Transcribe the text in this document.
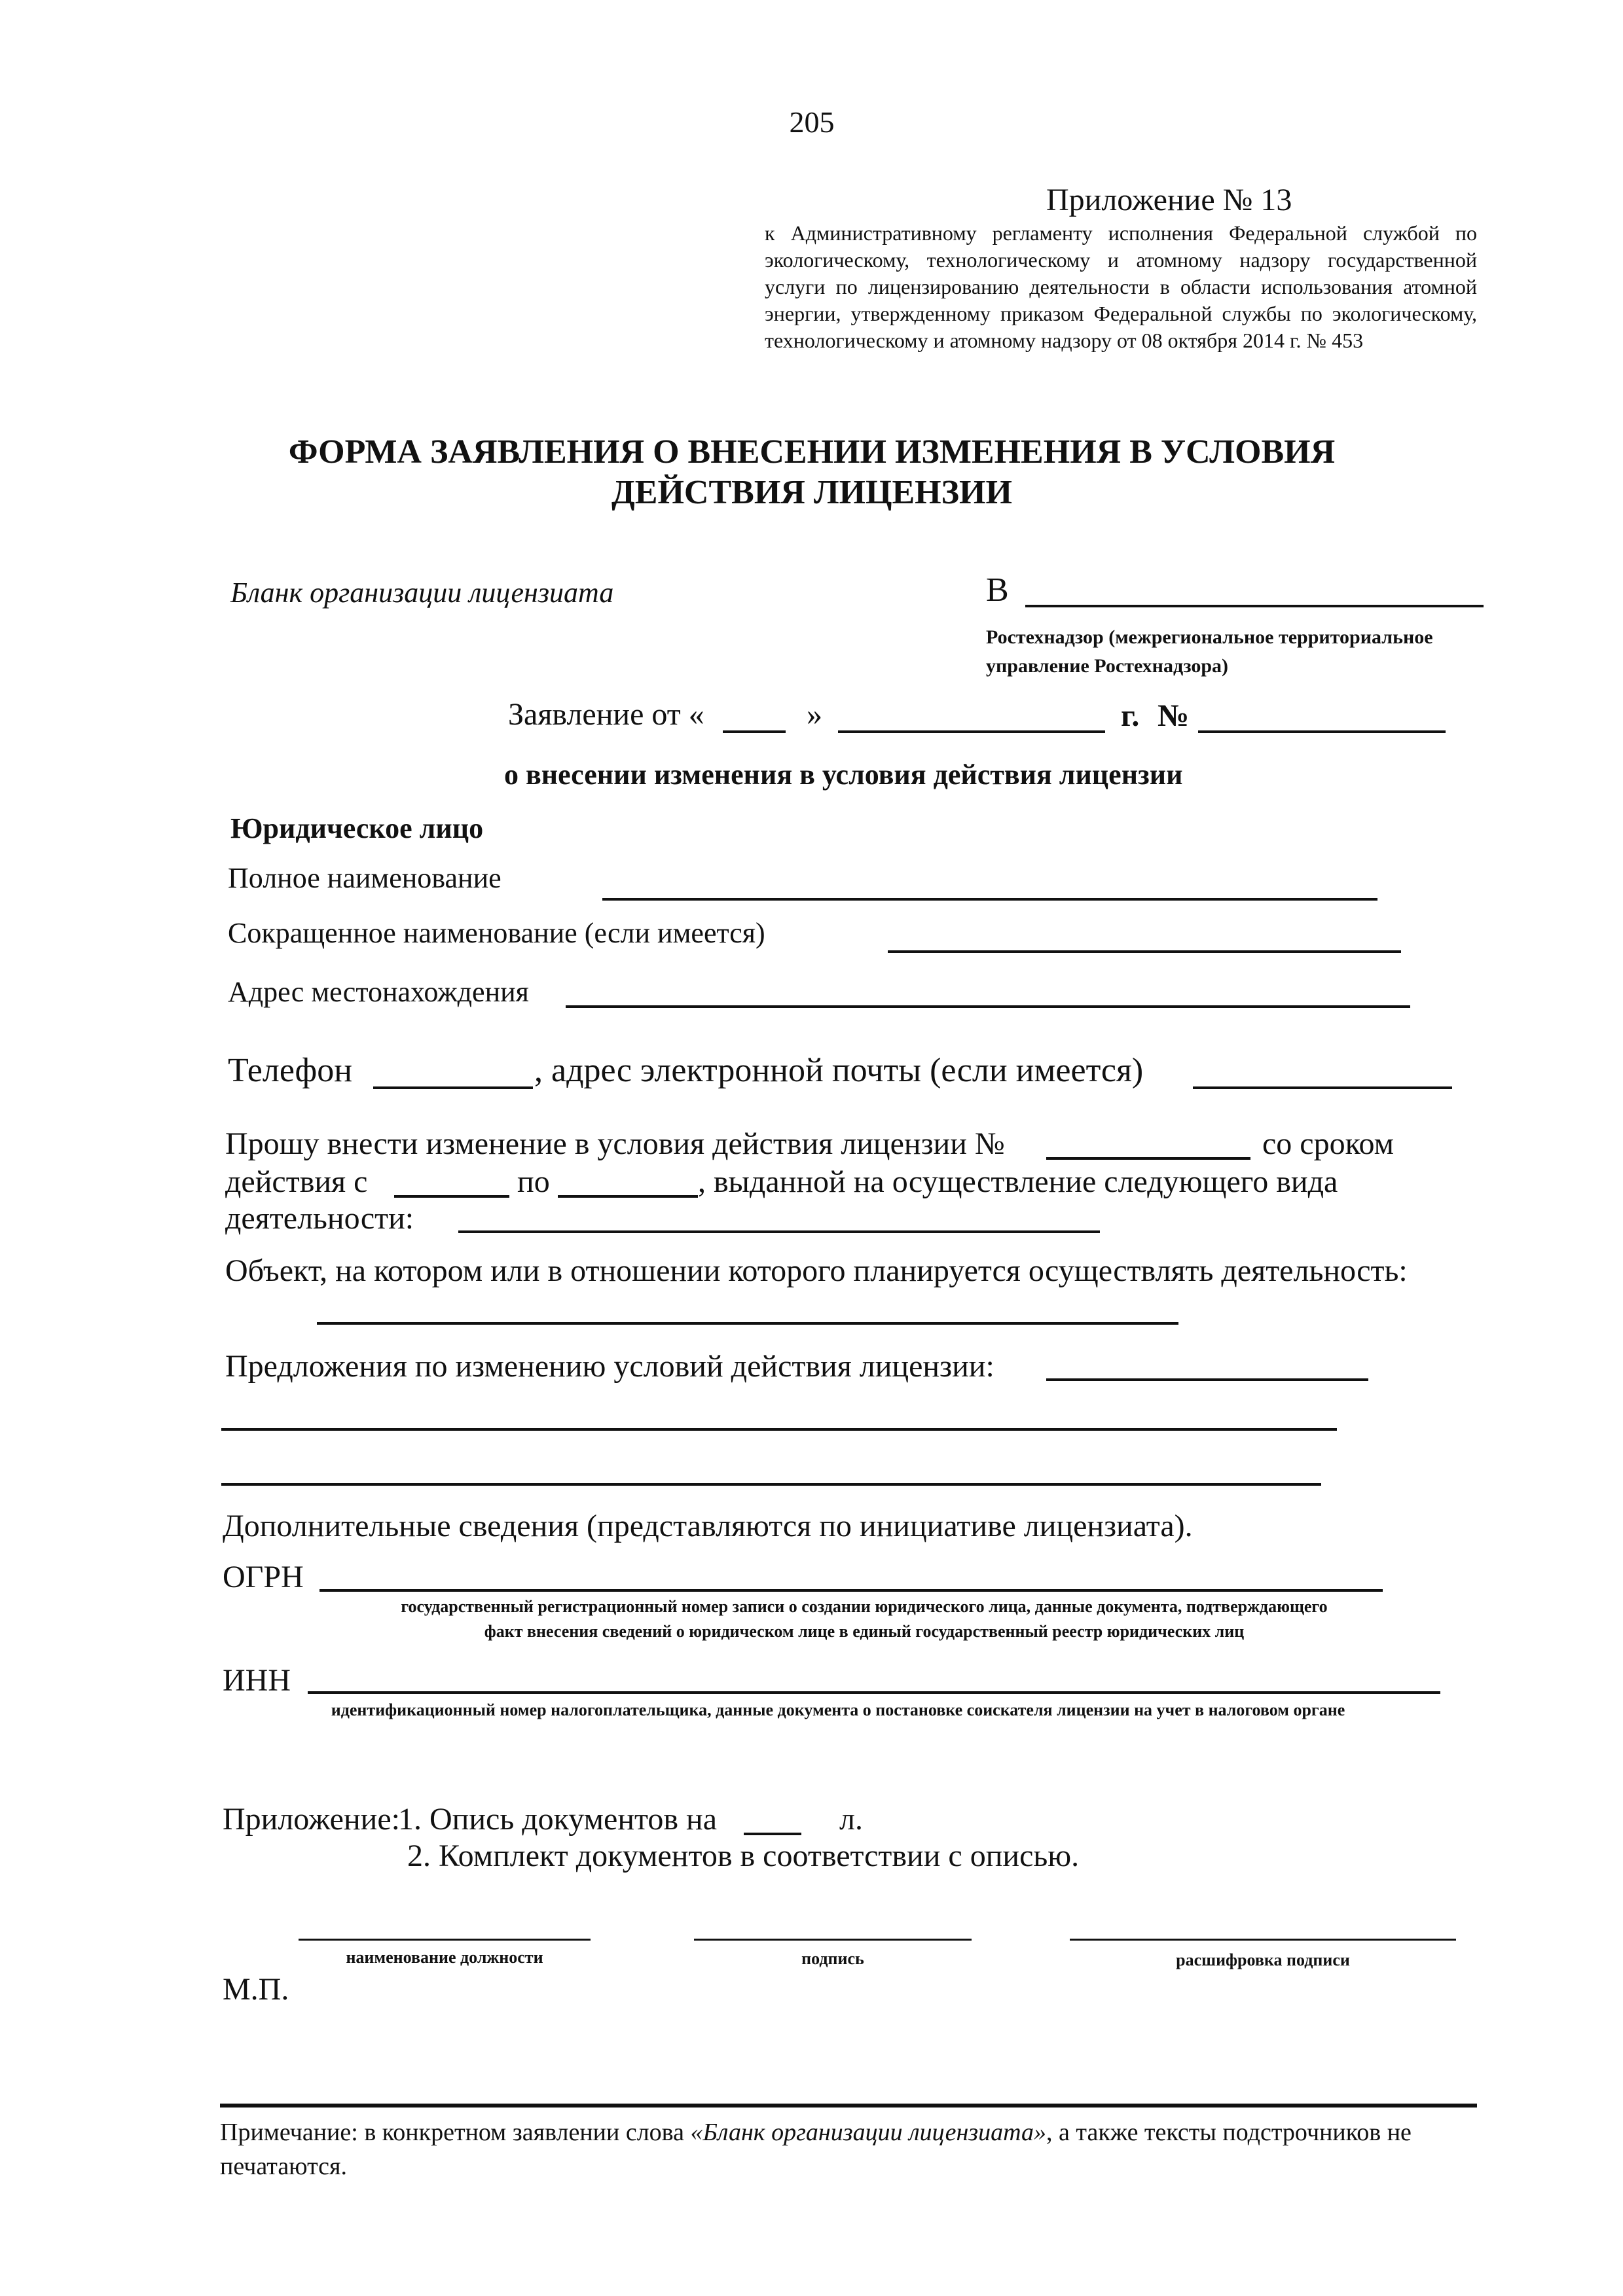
205
Приложение № 13
к Административному регламенту исполнения Федеральной службой по экологическому, технологическому и атомному надзору государственной услуги по лицензированию деятельности в области использования атомной энергии, утвержденному приказом Федеральной службы по экологическому, технологическому и атомному надзору от 08 октября 2014 г. № 453
ФОРМА ЗАЯВЛЕНИЯ О ВНЕСЕНИИ ИЗМЕНЕНИЯ В УСЛОВИЯ ДЕЙСТВИЯ ЛИЦЕНЗИИ
Бланк организации лицензиата	В
Ростехнадзор (межрегиональное территориальное управление Ростехнадзора)
Заявление от «	»	г. №
о внесении изменения в условия действия лицензии
Юридическое лицо
Полное наименование
Сокращенное наименование (если имеется)
Адрес местонахождения
Телефон	, адрес электронной почты (если имеется)
Прошу внести изменение в условия действия лицензии №	со сроком
действия с	по	, выданной на осуществление следующего вида
деятельности:
Объект, на котором или в отношении которого планируется осуществлять деятельность:
Предложения по изменению условий действия лицензии:
Дополнительные сведения (представляются по инициативе лицензиата).
ОГРН
государственный регистрационный номер записи о создании юридического лица, данные документа, подтверждающего
факт внесения сведений о юридическом лице в единый государственный реестр юридических лиц
ИНН
идентификационный номер налогоплательщика, данные документа о постановке соискателя лицензии на учет в налоговом органе
Приложение:
1. Опись документов на	л.
2. Комплект документов в соответствии с описью.
наименование должности	подпись	расшифровка подписи
М.П.
Примечание: в конкретном заявлении слова «Бланк организации лицензиата», а также тексты подстрочников не печатаются.
